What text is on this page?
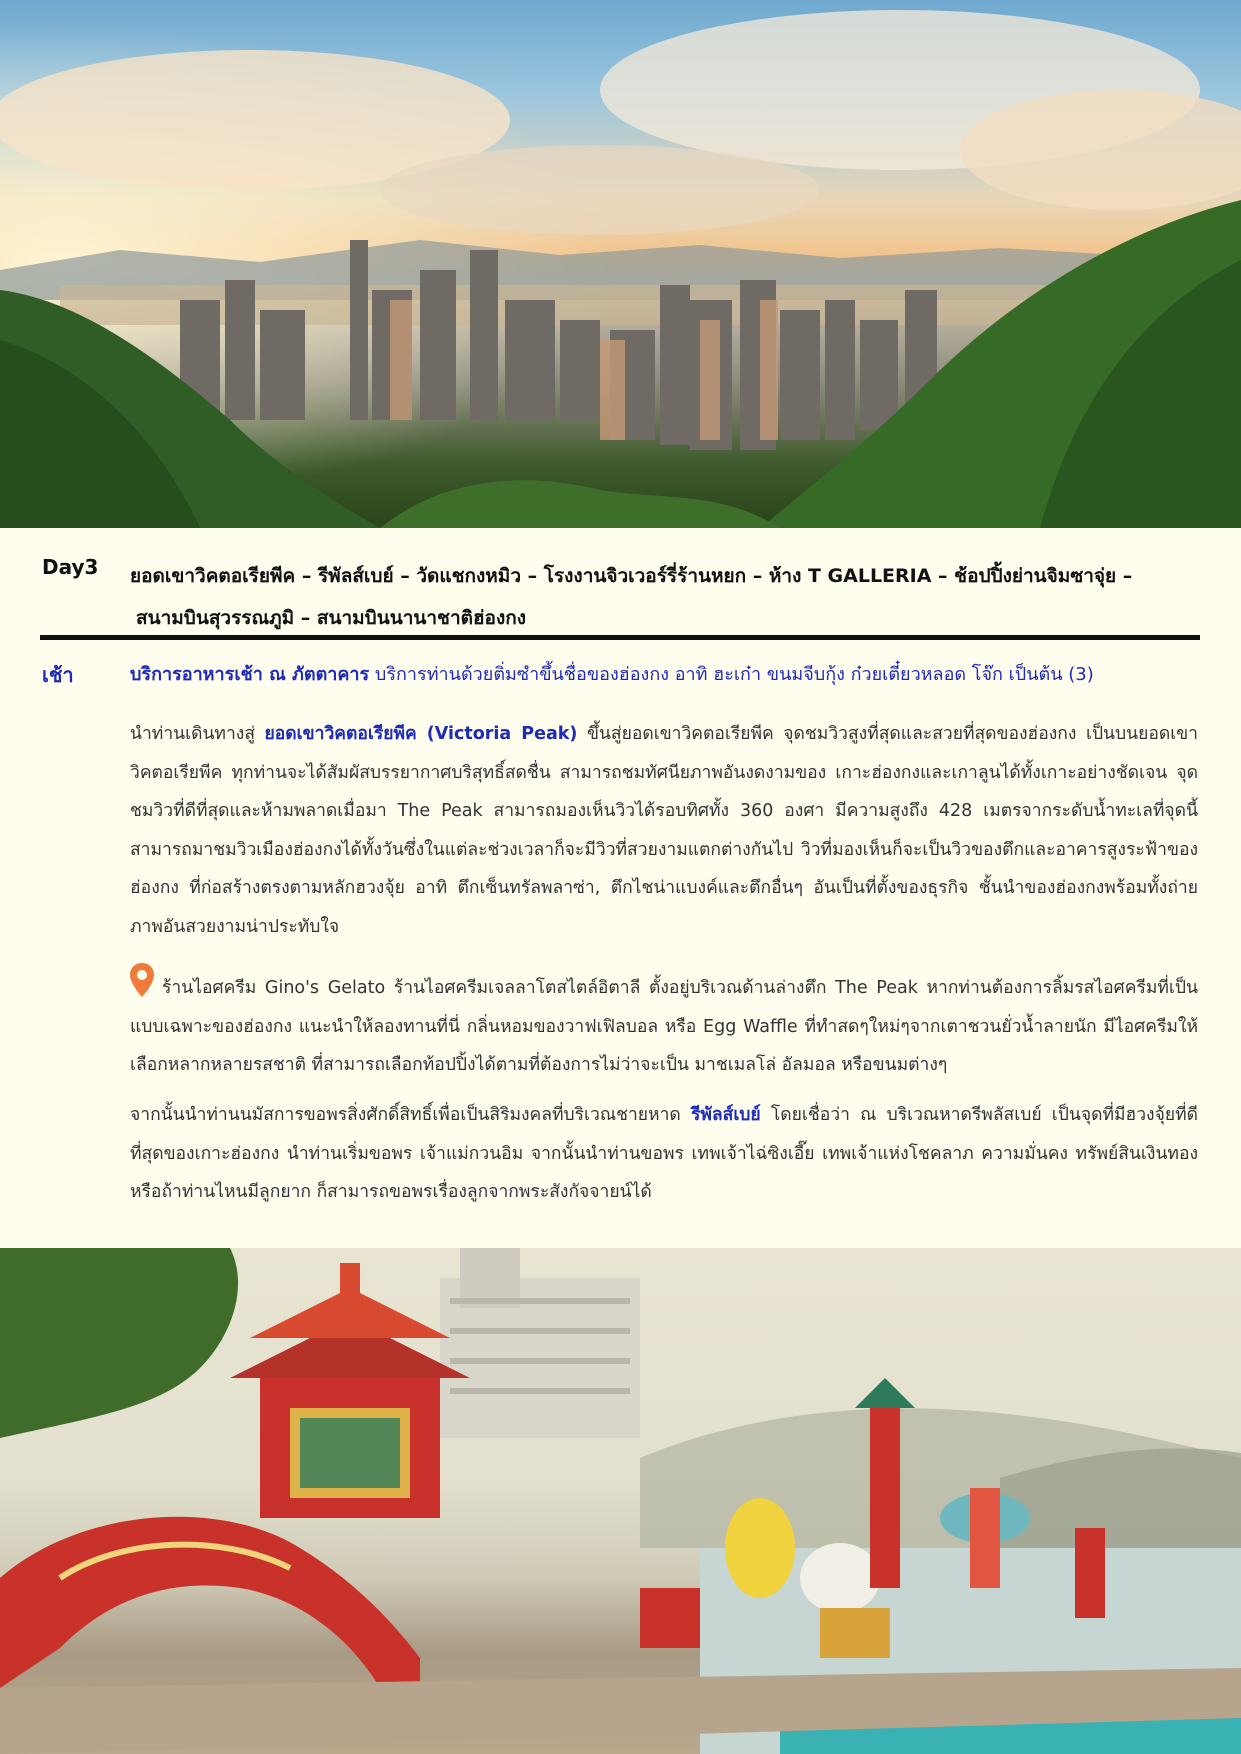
Day3 ยอดเขาวิคตอเรียพีค – รีพัลส์เบย์ – วัดแชกงหมิว – โรงงานจิวเวอร์รี่ร้านหยก – ห้าง T GALLERIA – ช้อปปิ้งย่านจิมซาจุ่ย –
สนามบินสุวรรณภูมิ – สนามบินนานาชาติฮ่องกง
เช้า	บริการอาหารเช้า ณ ภัตตาคาร บริการท่านด้วยติ่มซำขึ้นชื่อของฮ่องกง อาทิ ฮะเก๋า ขนมจีบกุ้ง ก๋วยเตี๋ยวหลอด โจ๊ก เป็นต้น (3)
นำท่านเดินทางสู่ ยอดเขาวิคตอเรียพีค (Victoria Peak) ขึ้นสู่ยอดเขาวิคตอเรียพีค จุดชมวิวสูงที่สุดและสวยที่สุดของฮ่องกง เป็นบนยอดเขาวิคตอเรียพีค ทุกท่านจะได้สัมผัสบรรยากาศบริสุทธิ์สดชื่น สามารถชมทัศนียภาพอันงดงามของ เกาะฮ่องกงและเกาลูนได้ทั้งเกาะอย่างชัดเจน จุดชมวิวที่ดีที่สุดและห้ามพลาดเมื่อมา The Peak สามารถมองเห็นวิวได้รอบทิศทั้ง 360 องศา มีความสูงถึง 428 เมตรจากระดับน้ำทะเลที่จุดนี้สามารถมาชมวิวเมืองฮ่องกงได้ทั้งวันซึ่งในแต่ละช่วงเวลาก็จะมีวิวที่สวยงามแตกต่างกันไป วิวที่มองเห็นก็จะเป็นวิวของตึกและอาคารสูงระฟ้าของฮ่องกง ที่ก่อสร้างตรงตามหลักฮวงจุ้ย อาทิ ตึกเซ็นทรัลพลาซ่า, ตึกไชน่าแบงค์และตึกอื่นๆ อันเป็นที่ตั้งของธุรกิจ ชั้นนำของฮ่องกงพร้อมทั้งถ่ายภาพอันสวยงามน่าประทับใจ
ร้านไอศครีม Gino's Gelato ร้านไอศครีมเจลลาโตสไตล์อิตาลี ตั้งอยู่บริเวณด้านล่างตึก The Peak หากท่านต้องการลิ้มรสไอศครีมที่เป็นแบบเฉพาะของฮ่องกง แนะนำให้ลองทานที่นี่ กลิ่นหอมของวาฟเฟิลบอล หรือ Egg Waffle ที่ทำสดๆใหม่ๆจากเตาชวนยั่วน้ำลายนัก มีไอศครีมให้เลือกหลากหลายรสชาติ ที่สามารถเลือกท้อปปิ้งได้ตามที่ต้องการไม่ว่าจะเป็น มาชเมลโล่ อัลมอล หรือขนมต่างๆ
จากนั้นนำท่านนมัสการขอพรสิ่งศักดิ์สิทธิ์เพื่อเป็นสิริมงคลที่บริเวณชายหาด รีพัลส์เบย์ โดยเชื่อว่า ณ บริเวณหาดรีพลัสเบย์ เป็นจุดที่มีฮวงจุ้ยที่ดีที่สุดของเกาะฮ่องกง นำท่านเริ่มขอพร เจ้าแม่กวนอิม จากนั้นนำท่านขอพร เทพเจ้าไฉ่ซิงเอี๊ย เทพเจ้าแห่งโชคลาภ ความมั่นคง ทรัพย์สินเงินทอง หรือถ้าท่านไหนมีลูกยาก ก็สามารถขอพรเรื่องลูกจากพระสังกัจจายน์ได้
